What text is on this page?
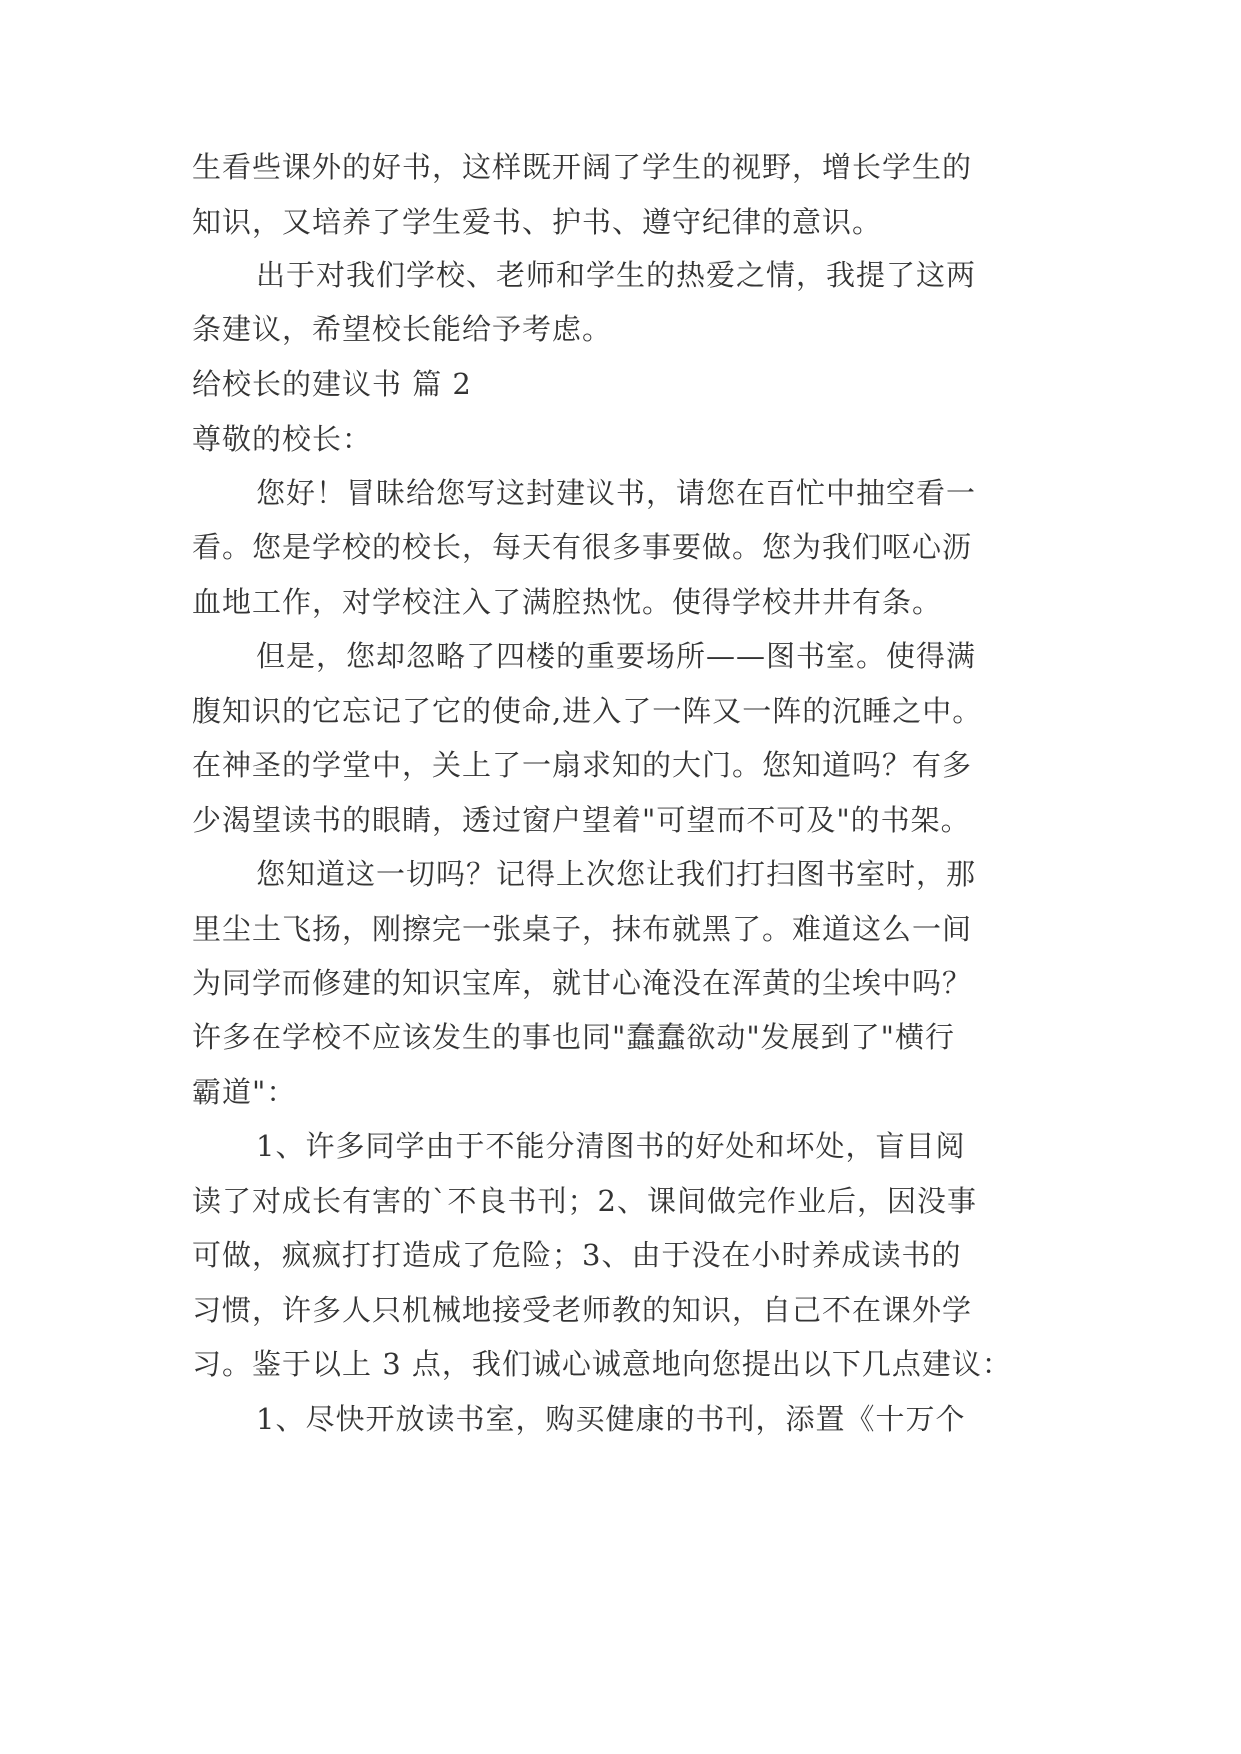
生看些课外的好书，这样既开阔了学生的视野，增长学生的
知识，又培养了学生爱书、护书、遵守纪律的意识。
出于对我们学校、老师和学生的热爱之情，我提了这两
条建议，希望校长能给予考虑。
给校长的建议书 篇 2
尊敬的校长：
您好！冒昧给您写这封建议书，请您在百忙中抽空看一
看。您是学校的校长，每天有很多事要做。您为我们呕心沥
血地工作，对学校注入了满腔热忱。使得学校井井有条。
但是，您却忽略了四楼的重要场所——图书室。使得满
腹知识的它忘记了它的使命,进入了一阵又一阵的沉睡之中。
在神圣的学堂中，关上了一扇求知的大门。您知道吗？有多
少渴望读书的眼睛，透过窗户望着"可望而不可及"的书架。
您知道这一切吗？记得上次您让我们打扫图书室时，那
里尘土飞扬，刚擦完一张桌子，抹布就黑了。难道这么一间
为同学而修建的知识宝库，就甘心淹没在浑黄的尘埃中吗？
许多在学校不应该发生的事也同"蠢蠢欲动"发展到了"横行
霸道"：
1、许多同学由于不能分清图书的好处和坏处，盲目阅
读了对成长有害的`不良书刊；2、课间做完作业后，因没事
可做，疯疯打打造成了危险；3、由于没在小时养成读书的
习惯，许多人只机械地接受老师教的知识，自己不在课外学
习。鉴于以上 3 点，我们诚心诚意地向您提出以下几点建议：
1、尽快开放读书室，购买健康的书刊，添置《十万个
